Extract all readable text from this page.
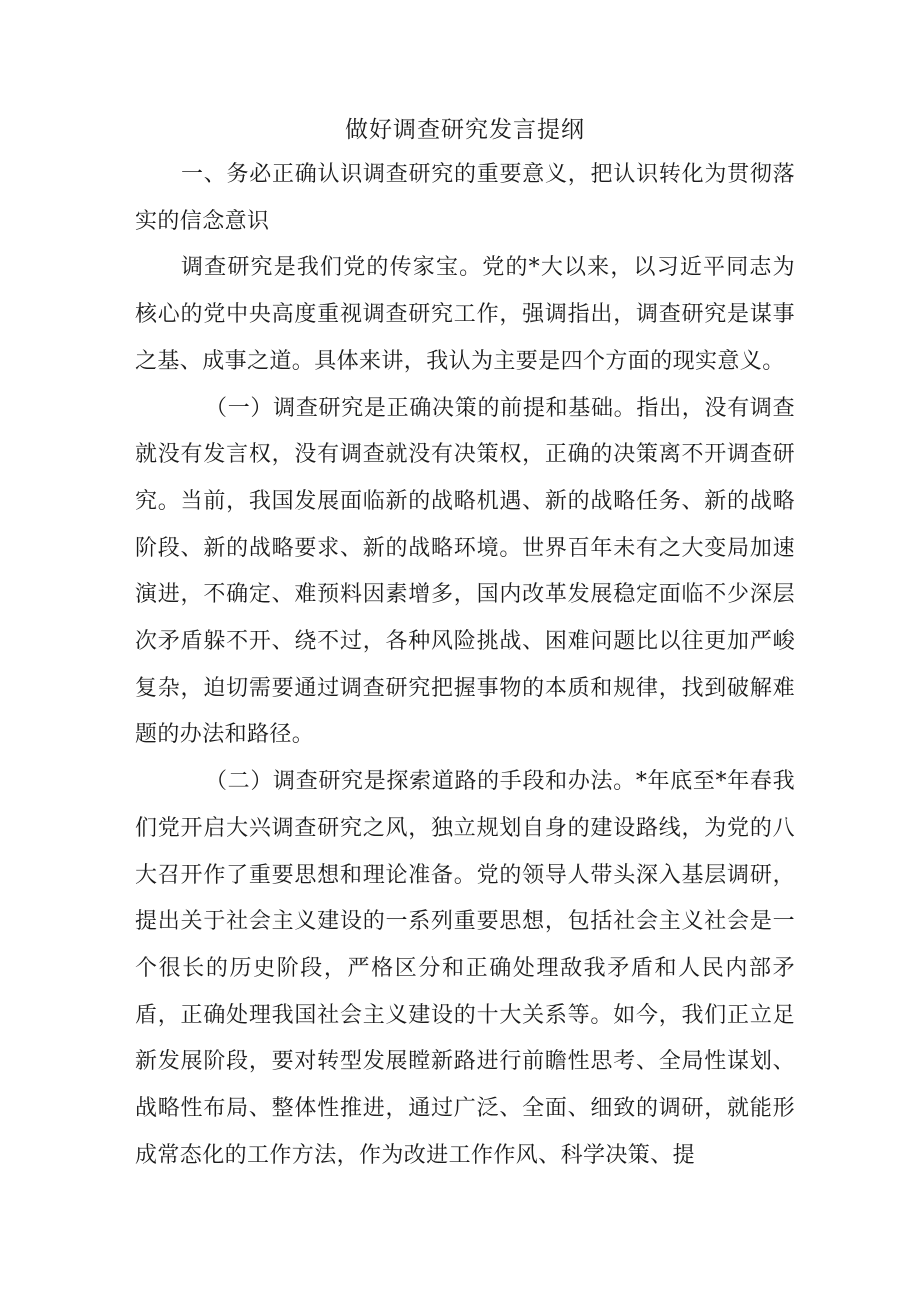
做好调查研究发言提纲

一、务必正确认识调查研究的重要意义，把认识转化为贯彻落实的信念意识

调查研究是我们党的传家宝。党的*大以来，以习近平同志为核心的党中央高度重视调查研究工作，强调指出，调查研究是谋事之基、成事之道。具体来讲，我认为主要是四个方面的现实意义。

（一）调查研究是正确决策的前提和基础。指出，没有调查就没有发言权，没有调查就没有决策权，正确的决策离不开调查研究。当前，我国发展面临新的战略机遇、新的战略任务、新的战略阶段、新的战略要求、新的战略环境。世界百年未有之大变局加速演进，不确定、难预料因素增多，国内改革发展稳定面临不少深层次矛盾躲不开、绕不过，各种风险挑战、困难问题比以往更加严峻复杂，迫切需要通过调查研究把握事物的本质和规律，找到破解难题的办法和路径。

（二）调查研究是探索道路的手段和办法。*年底至*年春我们党开启大兴调查研究之风，独立规划自身的建设路线，为党的八大召开作了重要思想和理论准备。党的领导人带头深入基层调研，提出关于社会主义建设的一系列重要思想，包括社会主义社会是一个很长的历史阶段，严格区分和正确处理敌我矛盾和人民内部矛盾，正确处理我国社会主义建设的十大关系等。如今，我们正立足新发展阶段，要对转型发展瞠新路进行前瞻性思考、全局性谋划、战略性布局、整体性推进，通过广泛、全面、细致的调研，就能形成常态化的工作方法，作为改进工作作风、科学决策、提
